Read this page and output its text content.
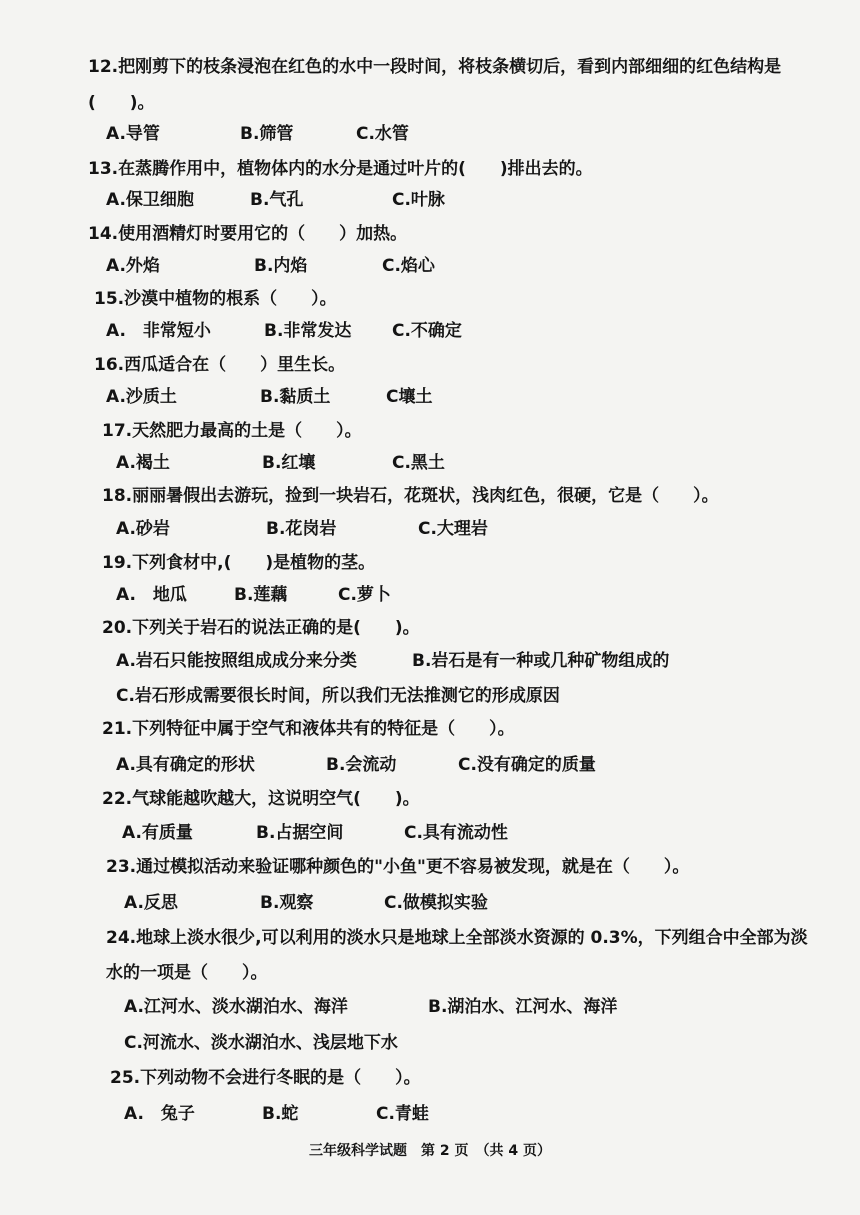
12.把刚剪下的枝条浸泡在红色的水中一段时间，将枝条横切后，看到内部细细的红色结构是
(　　)。
A.导管	B.筛管	C.水管
13.在蒸腾作用中，植物体内的水分是通过叶片的(　　)排出去的。
A.保卫细胞	B.气孔	C.叶脉
14.使用酒精灯时要用它的（　　）加热。
A.外焰	B.内焰	C.焰心
15.沙漠中植物的根系（　　）。
A.　非常短小	B.非常发达 C.不确定
16.西瓜适合在（　　）里生长。
A.沙质土	B.黏质土	C壤土
17.天然肥力最高的土是（　　）。
A.褐土	B.红壤	C.黑土
18.丽丽暑假出去游玩，捡到一块岩石，花斑状，浅肉红色，很硬，它是（　　）。
A.砂岩	B.花岗岩	C.大理岩
19.下列食材中,(　　)是植物的茎。
A.　地瓜	B.莲藕	C.萝卜
20.下列关于岩石的说法正确的是(　　)。
A.岩石只能按照组成成分来分类	B.岩石是有一种或几种矿物组成的
C.岩石形成需要很长时间，所以我们无法推测它的形成原因
21.下列特征中属于空气和液体共有的特征是（　　）。
A.具有确定的形状	B.会流动	C.没有确定的质量
22.气球能越吹越大，这说明空气(　　)。
A.有质量	B.占据空间	C.具有流动性
23.通过模拟活动来验证哪种颜色的"小鱼"更不容易被发现，就是在（　　）。
A.反思	B.观察	C.做模拟实验
24.地球上淡水很少,可以利用的淡水只是地球上全部淡水资源的 0.3%，下列组合中全部为淡
水的一项是（　　）。
A.江河水、淡水湖泊水、海洋	B.湖泊水、江河水、海洋
C.河流水、淡水湖泊水、浅层地下水
25.下列动物不会进行冬眠的是（　　）。
A.　兔子	B.蛇	C.青蛙
三年级科学试题　第 2 页　（共 4 页）
